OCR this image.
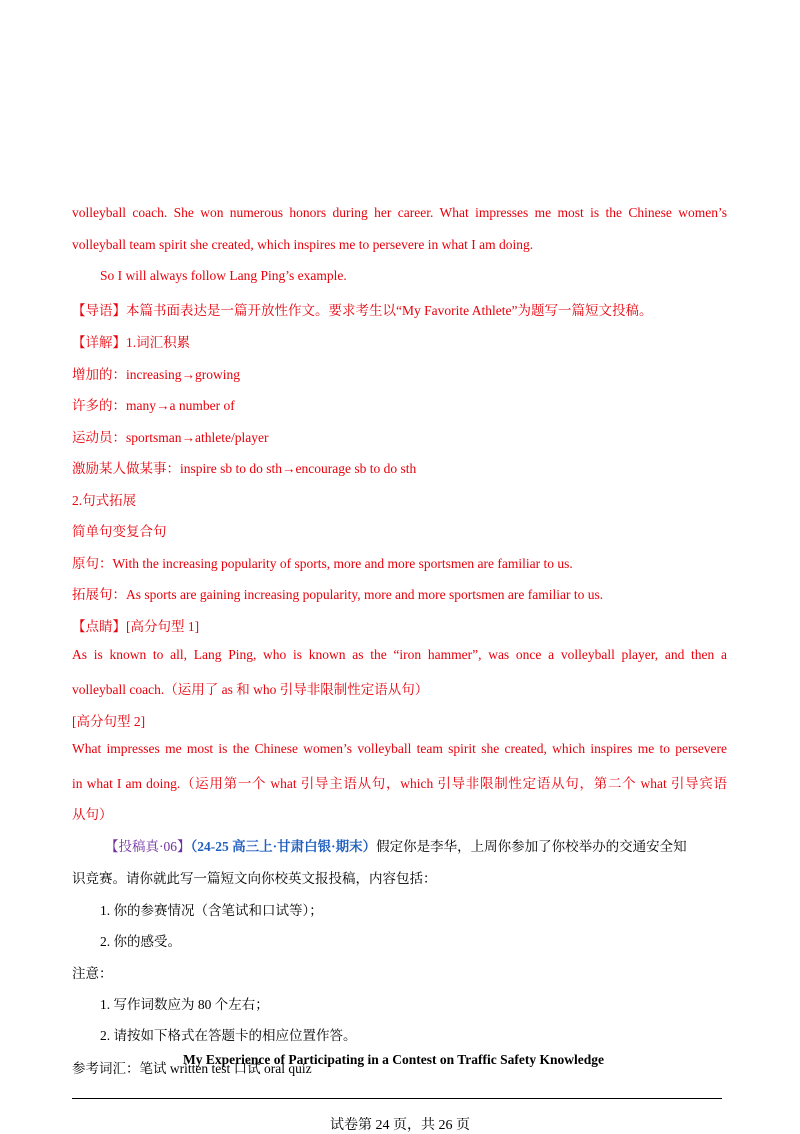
volleyball coach. She won numerous honors during her career. What impresses me most is the Chinese women’s
volleyball team spirit she created, which inspires me to persevere in what I am doing.
So I will always follow Lang Ping’s example.
【导语】本篇书面表达是一篇开放性作文。要求考生以“My Favorite Athlete”为题写一篇短文投稿。
【详解】1.词汇积累
增加的：increasing→growing
许多的：many→a number of
运动员：sportsman→athlete/player
激励某人做某事：inspire sb to do sth→encourage sb to do sth
2.句式拓展
简单句变复合句
原句：With the increasing popularity of sports, more and more sportsmen are familiar to us.
拓展句：As sports are gaining increasing popularity, more and more sportsmen are familiar to us.
【点睛】[高分句型 1]
As is known to all, Lang Ping, who is known as the “iron hammer”, was once a volleyball player, and then a
volleyball coach.（运用了 as 和 who 引导非限制性定语从句）
[高分句型 2]
What impresses me most is the Chinese women’s volleyball team spirit she created, which inspires me to persevere
in what I am doing.（运用第一个 what 引导主语从句，which 引导非限制性定语从句，第二个 what 引导宾语
从句）
【投稿真·06】（24-25 高三上·甘肃白银·期末）假定你是李华，上周你参加了你校举办的交通安全知
识竞赛。请你就此写一篇短文向你校英文报投稿，内容包括：
1. 你的参赛情况（含笔试和口试等）；
2. 你的感受。
注意：
1. 写作词数应为 80 个左右；
2. 请按如下格式在答题卡的相应位置作答。
参考词汇：笔试 written test 口试 oral quiz
My Experience of Participating in a Contest on Traffic Safety Knowledge
试卷第 24 页，共 26 页
